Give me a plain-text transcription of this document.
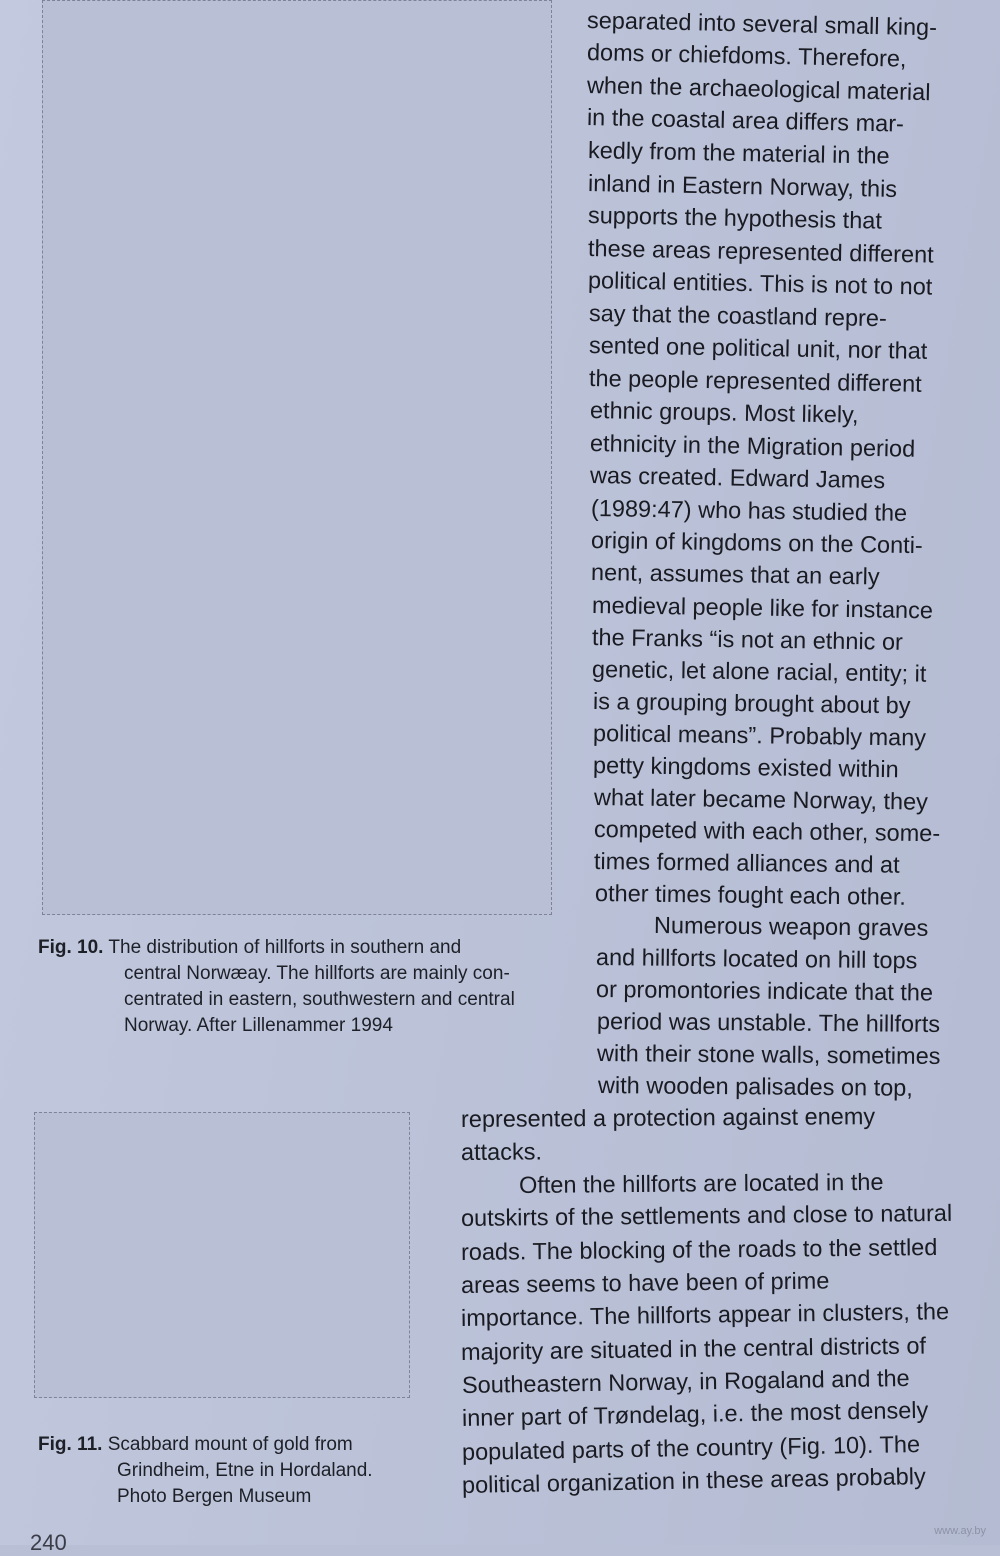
Fig. 10. The distribution of hillforts in southern and
central Norwæay. The hillforts are mainly con-
centrated in eastern, southwestern and central
Norway. After Lillenammer 1994
Fig. 11. Scabbard mount of gold from
Grindheim, Etne in Hordaland.
Photo Bergen Museum
separated into several small king-
doms or chiefdoms. Therefore,
when the archaeological material
in the coastal area differs mar-
kedly from the material in the
inland in Eastern Norway, this
supports the hypothesis that
these areas represented different
political entities. This is not to not
say that the coastland repre-
sented one political unit, nor that
the people represented different
ethnic groups. Most likely,
ethnicity in the Migration period
was created. Edward James
(1989:47) who has studied the
origin of kingdoms on the Conti-
nent, assumes that an early
medieval people like for instance
the Franks “is not an ethnic or
genetic, let alone racial, entity; it
is a grouping brought about by
political means”. Probably many
petty kingdoms existed within
what later became Norway, they
competed with each other, some-
times formed alliances and at
other times fought each other.
Numerous weapon graves
and hillforts located on hill tops
or promontories indicate that the
period was unstable. The hillforts
with their stone walls, sometimes
with wooden palisades on top,
represented a protection against enemy
attacks.
Often the hillforts are located in the
outskirts of the settlements and close to natural
roads. The blocking of the roads to the settled
areas seems to have been of prime
importance. The hillforts appear in clusters, the
majority are situated in the central districts of
Southeastern Norway, in Rogaland and the
inner part of Trøndelag, i.e. the most densely
populated parts of the country (Fig. 10). The
political organization in these areas probably
240	www.ay.by
